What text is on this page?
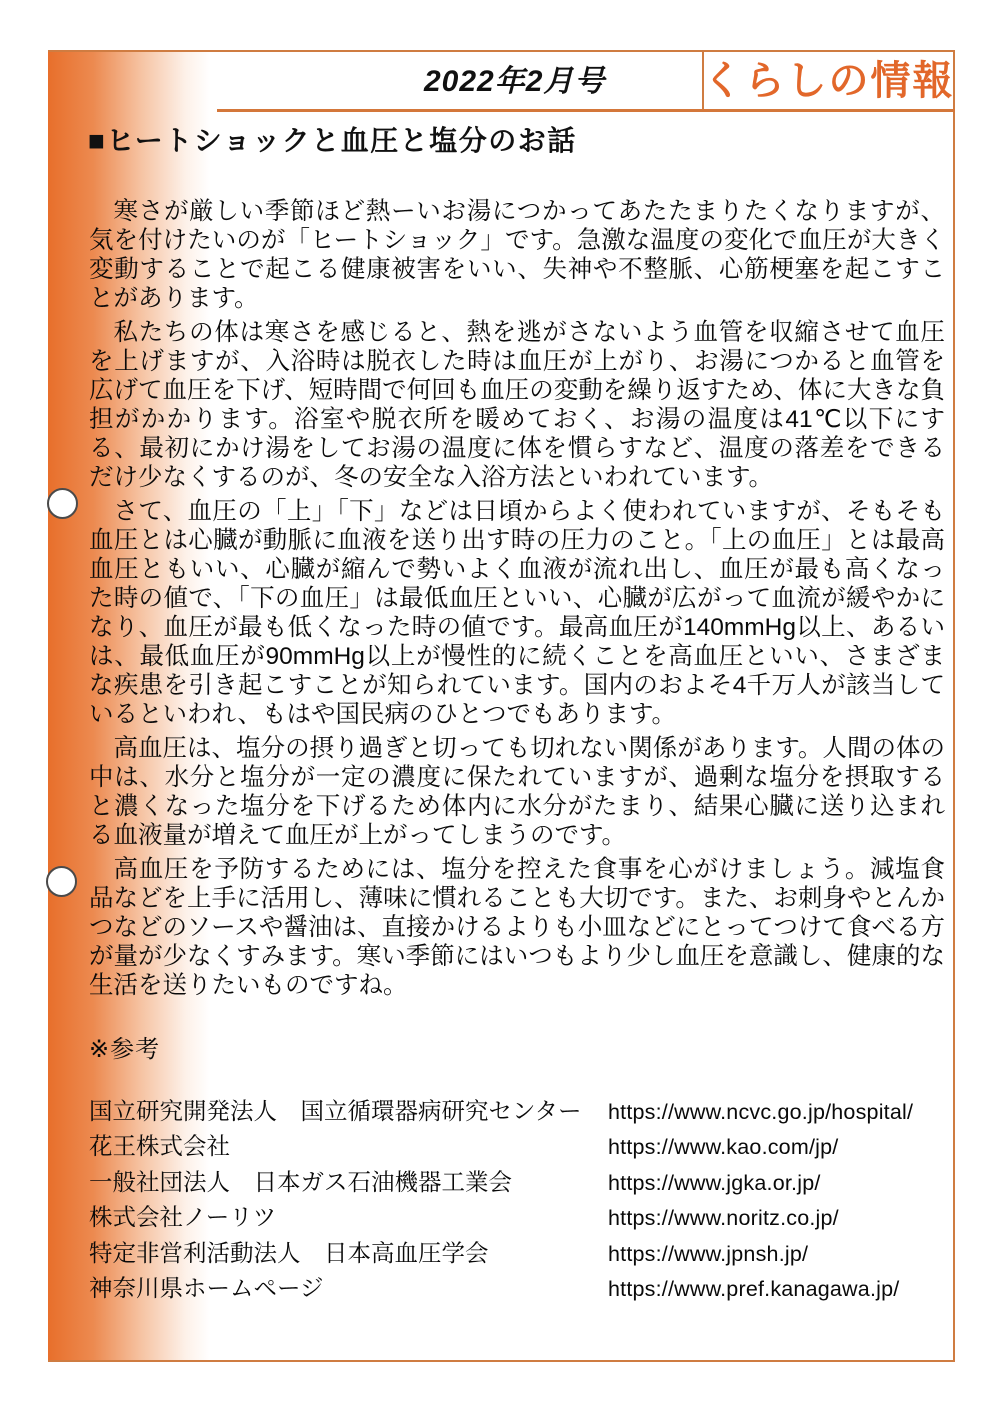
2022年2月号 くらしの情報
■ヒートショックと血圧と塩分のお話

寒さが厳しい季節ほど熱ーいお湯につかってあたたまりたくなりますが、気を付けたいのが「ヒートショック」です。急激な温度の変化で血圧が大きく変動することで起こる健康被害をいい、失神や不整脈、心筋梗塞を起こすことがあります。

私たちの体は寒さを感じると、熱を逃がさないよう血管を収縮させて血圧を上げますが、入浴時は脱衣した時は血圧が上がり、お湯につかると血管を広げて血圧を下げ、短時間で何回も血圧の変動を繰り返すため、体に大きな負担がかかります。浴室や脱衣所を暖めておく、お湯の温度は41℃以下にする、最初にかけ湯をしてお湯の温度に体を慣らすなど、温度の落差をできるだけ少なくするのが、冬の安全な入浴方法といわれています。

さて、血圧の「上」「下」などは日頃からよく使われていますが、そもそも血圧とは心臓が動脈に血液を送り出す時の圧力のこと。「上の血圧」とは最高血圧ともいい、心臓が縮んで勢いよく血液が流れ出し、血圧が最も高くなった時の値で、「下の血圧」は最低血圧といい、心臓が広がって血流が緩やかになり、血圧が最も低くなった時の値です。最高血圧が140mmHg以上、あるいは、最低血圧が90mmHg以上が慢性的に続くことを高血圧といい、さまざまな疾患を引き起こすことが知られています。国内のおよそ4千万人が該当しているといわれ、もはや国民病のひとつでもあります。

高血圧は、塩分の摂り過ぎと切っても切れない関係があります。人間の体の中は、水分と塩分が一定の濃度に保たれていますが、過剰な塩分を摂取すると濃くなった塩分を下げるため体内に水分がたまり、結果心臓に送り込まれる血液量が増えて血圧が上がってしまうのです。

高血圧を予防するためには、塩分を控えた食事を心がけましょう。減塩食品などを上手に活用し、薄味に慣れることも大切です。また、お刺身やとんかつなどのソースや醤油は、直接かけるよりも小皿などにとってつけて食べる方が量が少なくすみます。寒い季節にはいつもより少し血圧を意識し、健康的な生活を送りたいものですね。

※参考
国立研究開発法人　国立循環器病研究センター	https://www.ncvc.go.jp/hospital/
花王株式会社	https://www.kao.com/jp/
一般社団法人　日本ガス石油機器工業会	https://www.jgka.or.jp/
株式会社ノーリツ	https://www.noritz.co.jp/
特定非営利活動法人　日本高血圧学会	https://www.jpnsh.jp/
神奈川県ホームページ	https://www.pref.kanagawa.jp/
